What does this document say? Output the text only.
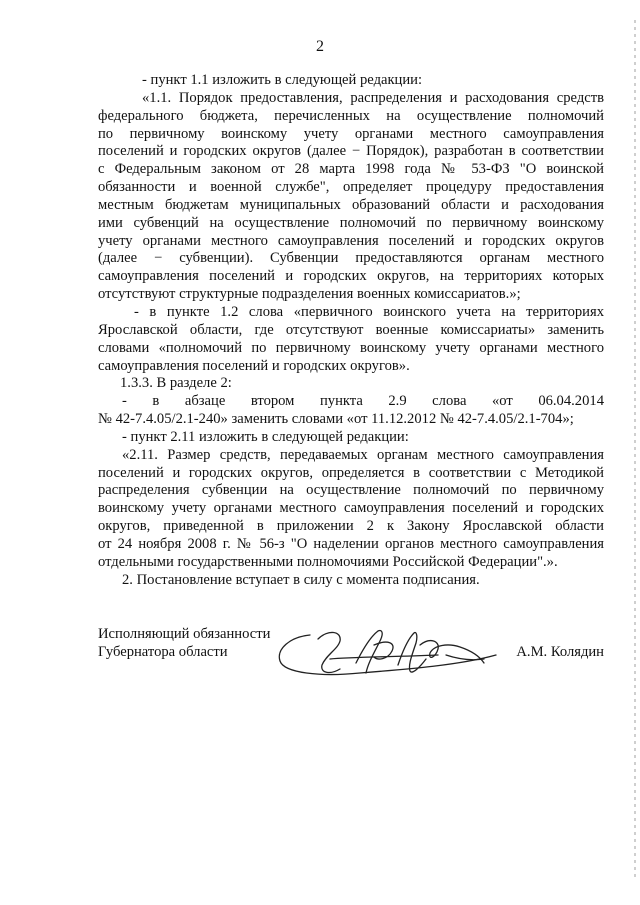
2
- пункт 1.1 изложить в следующей редакции:
«1.1. Порядок предоставления, распределения и расходования средств
федерального бюджета, перечисленных на осуществление полномочий
по первичному воинскому учету органами местного самоуправления
поселений и городских округов (далее − Порядок), разработан в соответствии
с Федеральным законом от 28 марта 1998 года № 53-ФЗ "О воинской
обязанности и военной службе", определяет процедуру предоставления
местным бюджетам муниципальных образований области и расходования
ими субвенций на осуществление полномочий по первичному воинскому
учету органами местного самоуправления поселений и городских округов
(далее − субвенции). Субвенции предоставляются органам местного
самоуправления поселений и городских округов, на территориях которых
отсутствуют структурные подразделения военных комиссариатов.»;
- в пункте 1.2 слова «первичного воинского учета на территориях
Ярославской области, где отсутствуют военные комиссариаты» заменить
словами «полномочий по первичному воинскому учету органами местного
самоуправления поселений и городских округов».
1.3.3. В разделе 2:
- в абзаце втором пункта 2.9 слова «от 06.04.2014
№ 42-7.4.05/2.1-240» заменить словами «от 11.12.2012 № 42-7.4.05/2.1-704»;
- пункт 2.11 изложить в следующей редакции:
«2.11. Размер средств, передаваемых органам местного самоуправления
поселений и городских округов, определяется в соответствии с Методикой
распределения субвенции на осуществление полномочий по первичному
воинскому учету органами местного самоуправления поселений и городских
округов, приведенной в приложении 2 к Закону Ярославской области
от 24 ноября 2008 г. № 56-з "О наделении органов местного самоуправления
отдельными государственными полномочиями Российской Федерации".».
2. Постановление вступает в силу с момента подписания.
Исполняющий обязанности
Губернатора области	А.М. Колядин
